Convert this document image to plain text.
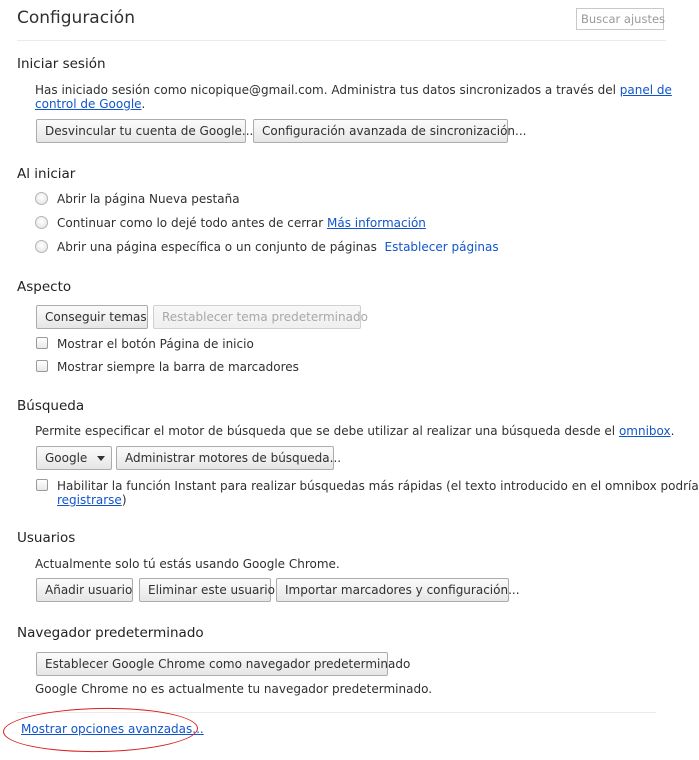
Configuración	Buscar ajustes
Iniciar sesión
Has iniciado sesión como nicopique@gmail.com. Administra tus datos sincronizados a través del panel de
control de Google.
Desvincular tu cuenta de Google... Configuración avanzada de sincronización...
Al iniciar
Abrir la página Nueva pestaña
Continuar como lo dejé todo antes de cerrar Más información
Abrir una página específica o un conjunto de páginas Establecer páginas
Aspecto
Conseguir temas	Restablecer tema predeterminado
Mostrar el botón Página de inicio
Mostrar siempre la barra de marcadores
Búsqueda
Permite especificar el motor de búsqueda que se debe utilizar al realizar una búsqueda desde el omnibox.
Google	Administrar motores de búsqueda...
Habilitar la función Instant para realizar búsquedas más rápidas (el texto introducido en el omnibox podría
registrarse)
Usuarios
Actualmente solo tú estás usando Google Chrome.
Añadir usuario	Eliminar este usuario Importar marcadores y configuración...
Navegador predeterminado
Establecer Google Chrome como navegador predeterminado
Google Chrome no es actualmente tu navegador predeterminado.
Mostrar opciones avanzadas...
